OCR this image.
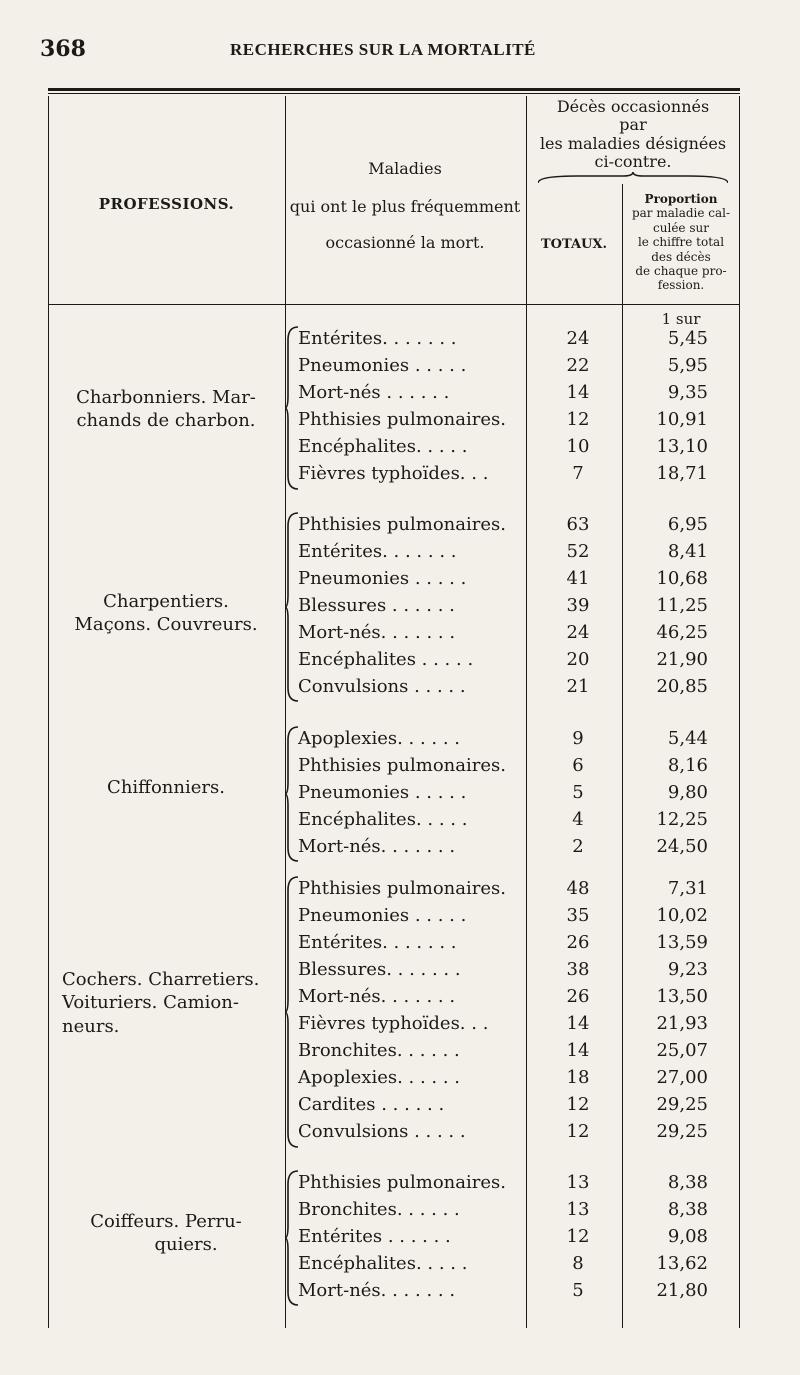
368	RECHERCHES SUR LA MORTALITÉ
PROFESSIONS.
Maladies
qui ont le plus fréquemment
occasionné la mort.
Décès occasionnés
par
les maladies désignées
ci-contre.
TOTAUX.
Proportion
par maladie cal-
culée sur
le chiffre total
des décès
de chaque pro-
fession.
1 sur
Charbonniers. Mar-
chands de charbon.
Entérites. . . . . . .	24	5,45
Pneumonies . . . . .	22	5,95
Mort-nés . . . . . .	14	9,35
Phthisies pulmonaires.	12	10,91
Encéphalites. . . . .	10	13,10
Fièvres typhoïdes. . .	7	18,71
Charpentiers.
Maçons. Couvreurs.
Phthisies pulmonaires.	63	6,95
Entérites. . . . . . .	52	8,41
Pneumonies . . . . .	41	10,68
Blessures . . . . . .	39	11,25
Mort-nés. . . . . . .	24	46,25
Encéphalites . . . . .	20	21,90
Convulsions . . . . .	21	20,85
Chiffonniers.
Apoplexies. . . . . .	9	5,44
Phthisies pulmonaires.	6	8,16
Pneumonies . . . . .	5	9,80
Encéphalites. . . . .	4	12,25
Mort-nés. . . . . . .	2	24,50
Cochers. Charretiers.
Voituriers. Camion-
neurs.
Phthisies pulmonaires.	48	7,31
Pneumonies . . . . .	35	10,02
Entérites. . . . . . .	26	13,59
Blessures. . . . . . .	38	9,23
Mort-nés. . . . . . .	26	13,50
Fièvres typhoïdes. . .	14	21,93
Bronchites. . . . . .	14	25,07
Apoplexies. . . . . .	18	27,00
Cardites . . . . . .	12	29,25
Convulsions . . . . .	12	29,25
Coiffeurs. Perru-
quiers.
Phthisies pulmonaires.	13	8,38
Bronchites. . . . . .	13	8,38
Entérites . . . . . .	12	9,08
Encéphalites. . . . .	8	13,62
Mort-nés. . . . . . .	5	21,80
